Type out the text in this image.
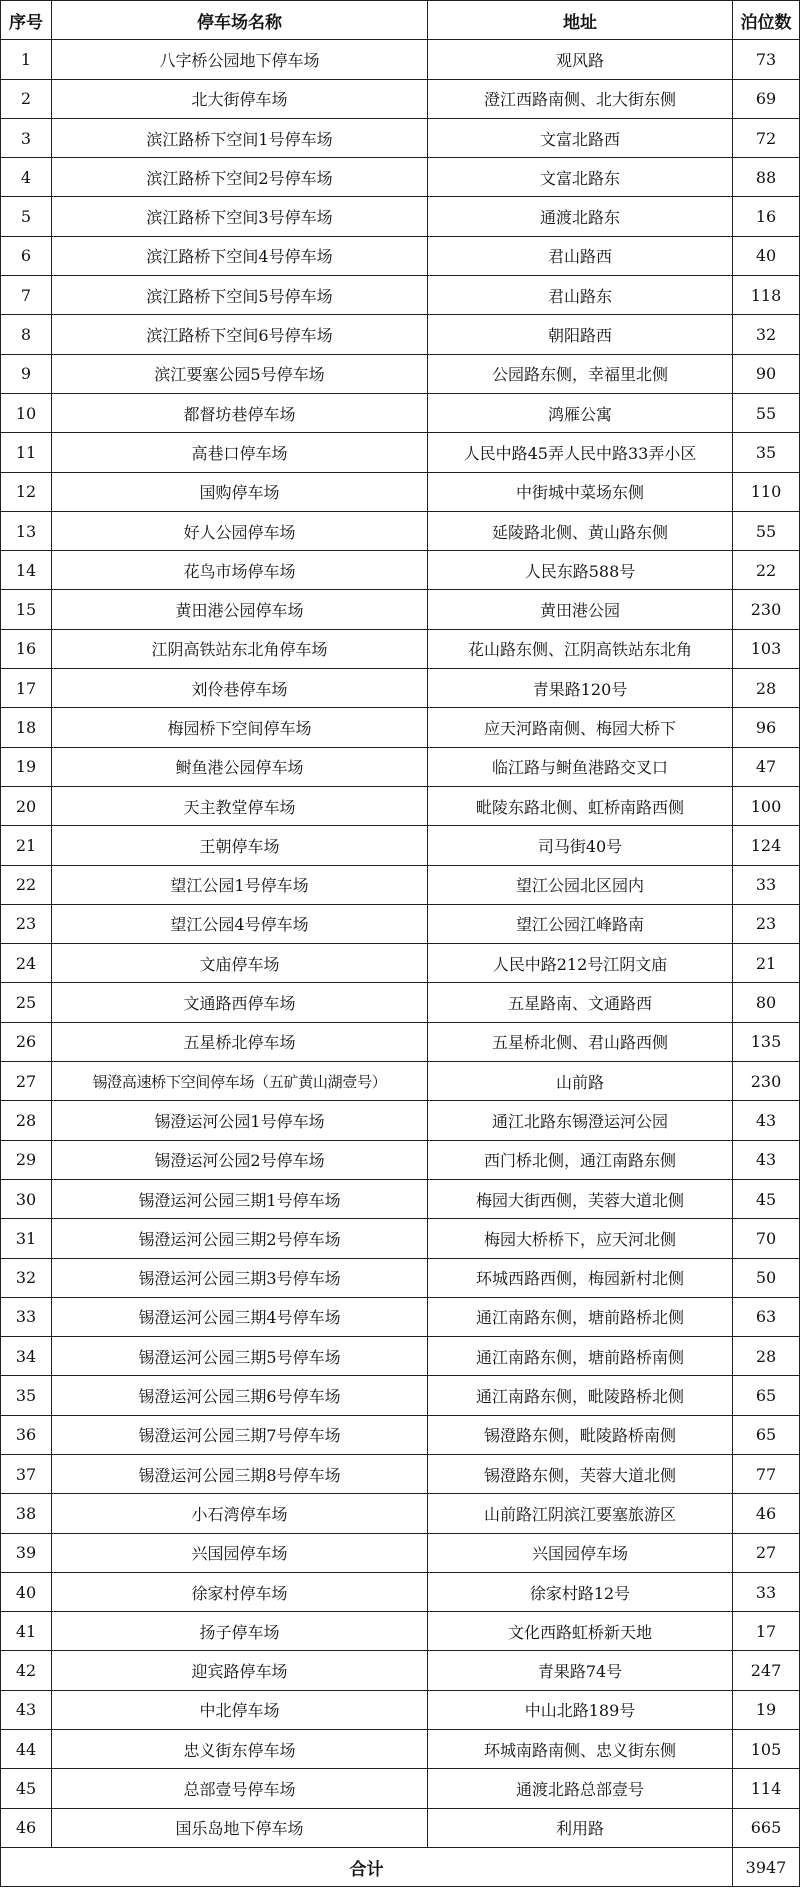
序号	停车场名称	地址	泊位数
1	八字桥公园地下停车场	观风路	73
2	北大街停车场	澄江西路南侧、北大街东侧	69
3	滨江路桥下空间1号停车场	文富北路西	72
4	滨江路桥下空间2号停车场	文富北路东	88
5	滨江路桥下空间3号停车场	通渡北路东	16
6	滨江路桥下空间4号停车场	君山路西	40
7	滨江路桥下空间5号停车场	君山路东	118
8	滨江路桥下空间6号停车场	朝阳路西	32
9	滨江要塞公园5号停车场	公园路东侧，幸福里北侧	90
10	都督坊巷停车场	鸿雁公寓	55
11	高巷口停车场	人民中路45弄人民中路33弄小区	35
12	国购停车场	中街城中菜场东侧	110
13	好人公园停车场	延陵路北侧、黄山路东侧	55
14	花鸟市场停车场	人民东路588号	22
15	黄田港公园停车场	黄田港公园	230
16	江阴高铁站东北角停车场	花山路东侧、江阴高铁站东北角	103
17	刘伶巷停车场	青果路120号	28
18	梅园桥下空间停车场	应天河路南侧、梅园大桥下	96
19	鲥鱼港公园停车场	临江路与鲥鱼港路交叉口	47
20	天主教堂停车场	毗陵东路北侧、虹桥南路西侧	100
21	王朝停车场	司马街40号	124
22	望江公园1号停车场	望江公园北区园内	33
23	望江公园4号停车场	望江公园江峰路南	23
24	文庙停车场	人民中路212号江阴文庙	21
25	文通路西停车场	五星路南、文通路西	80
26	五星桥北停车场	五星桥北侧、君山路西侧	135
27	锡澄高速桥下空间停车场（五矿黄山湖壹号）	山前路	230
28	锡澄运河公园1号停车场	通江北路东锡澄运河公园	43
29	锡澄运河公园2号停车场	西门桥北侧，通江南路东侧	43
30	锡澄运河公园三期1号停车场	梅园大街西侧，芙蓉大道北侧	45
31	锡澄运河公园三期2号停车场	梅园大桥桥下，应天河北侧	70
32	锡澄运河公园三期3号停车场	环城西路西侧，梅园新村北侧	50
33	锡澄运河公园三期4号停车场	通江南路东侧，塘前路桥北侧	63
34	锡澄运河公园三期5号停车场	通江南路东侧，塘前路桥南侧	28
35	锡澄运河公园三期6号停车场	通江南路东侧，毗陵路桥北侧	65
36	锡澄运河公园三期7号停车场	锡澄路东侧，毗陵路桥南侧	65
37	锡澄运河公园三期8号停车场	锡澄路东侧，芙蓉大道北侧	77
38	小石湾停车场	山前路江阴滨江要塞旅游区	46
39	兴国园停车场	兴国园停车场	27
40	徐家村停车场	徐家村路12号	33
41	扬子停车场	文化西路虹桥新天地	17
42	迎宾路停车场	青果路74号	247
43	中北停车场	中山北路189号	19
44	忠义街东停车场	环城南路南侧、忠义街东侧	105
45	总部壹号停车场	通渡北路总部壹号	114
46	国乐岛地下停车场	利用路	665
合计			3947
